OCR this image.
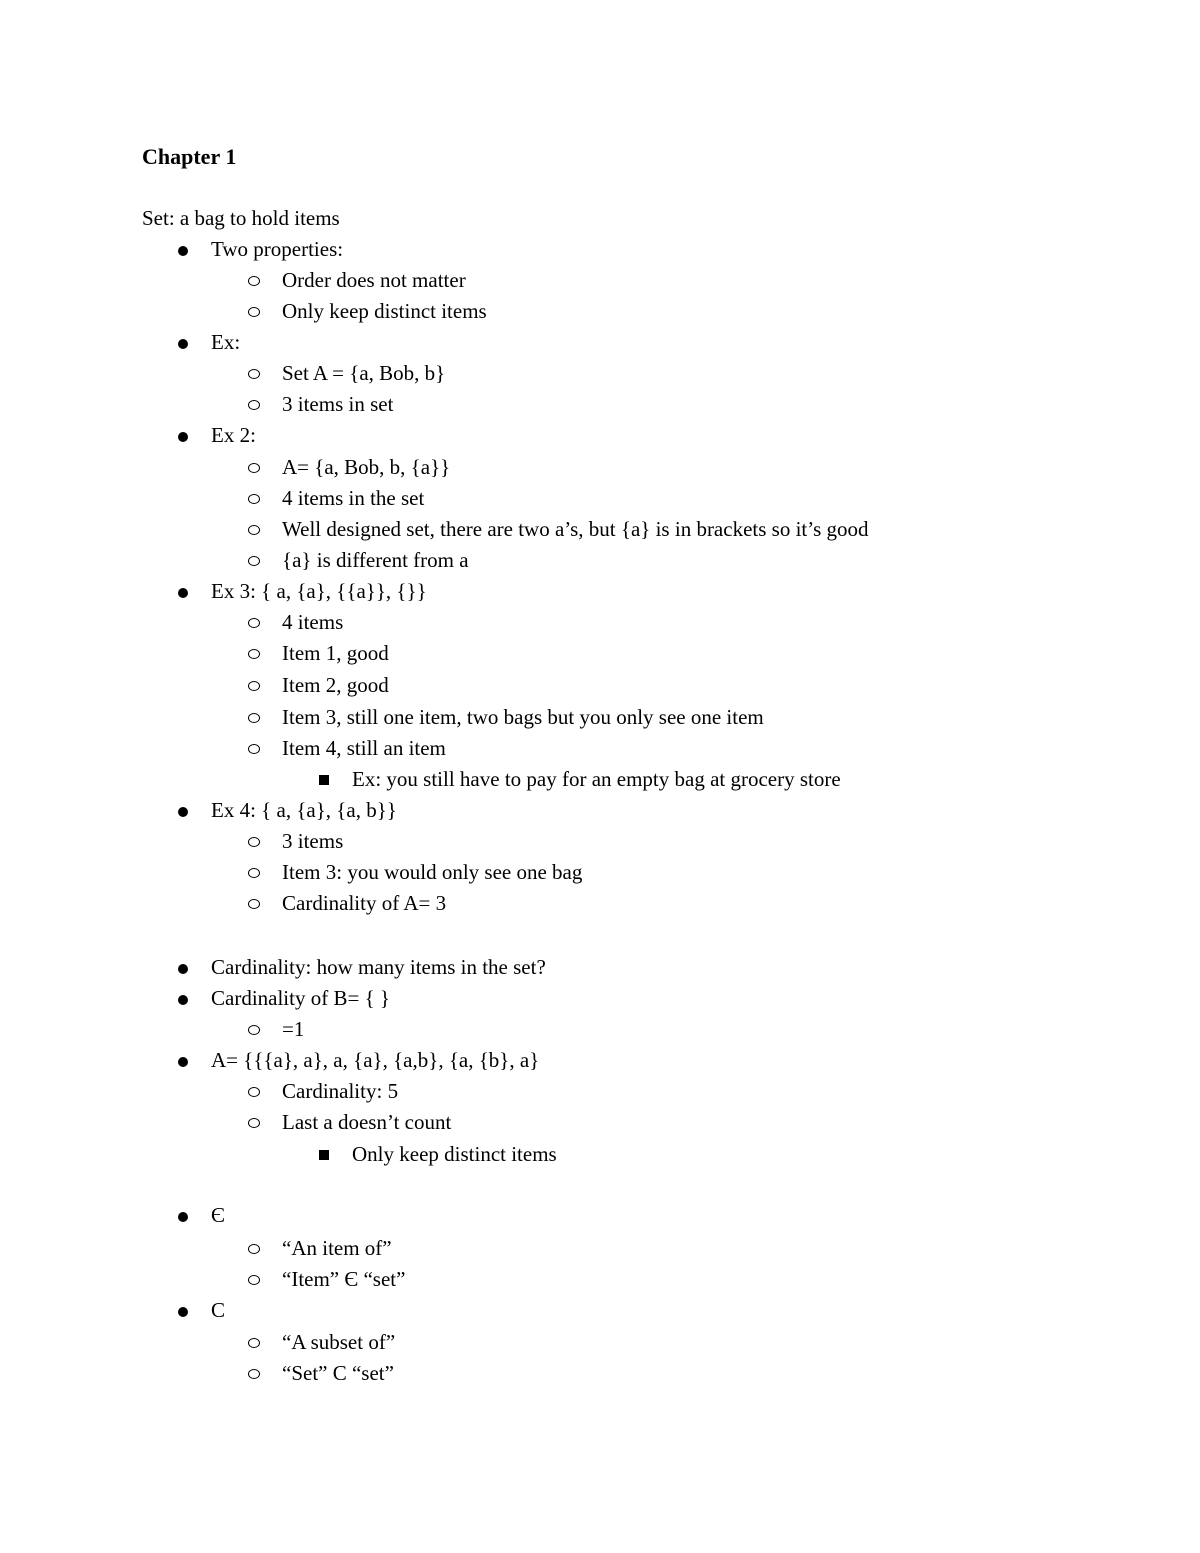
Chapter 1
Set: a bag to hold items
Two properties:
Order does not matter
Only keep distinct items
Ex:
Set A = {a, Bob, b}
3 items in set
Ex 2:
A= {a, Bob, b, {a}}
4 items in the set
Well designed set, there are two a’s, but {a} is in brackets so it’s good
{a} is different from a
Ex 3: { a, {a}, {{a}}, {}}
4 items
Item 1, good
Item 2, good
Item 3, still one item, two bags but you only see one item
Item 4, still an item
Ex: you still have to pay for an empty bag at grocery store
Ex 4: { a, {a}, {a, b}}
3 items
Item 3: you would only see one bag
Cardinality of A= 3
Cardinality: how many items in the set?
Cardinality of B= { }
=1
A= {{{a}, a}, a, {a}, {a,b}, {a, {b}, a}
Cardinality: 5
Last a doesn’t count
Only keep distinct items
Є
“An item of”
“Item” Є “set”
C
“A subset of”
“Set” C “set”
